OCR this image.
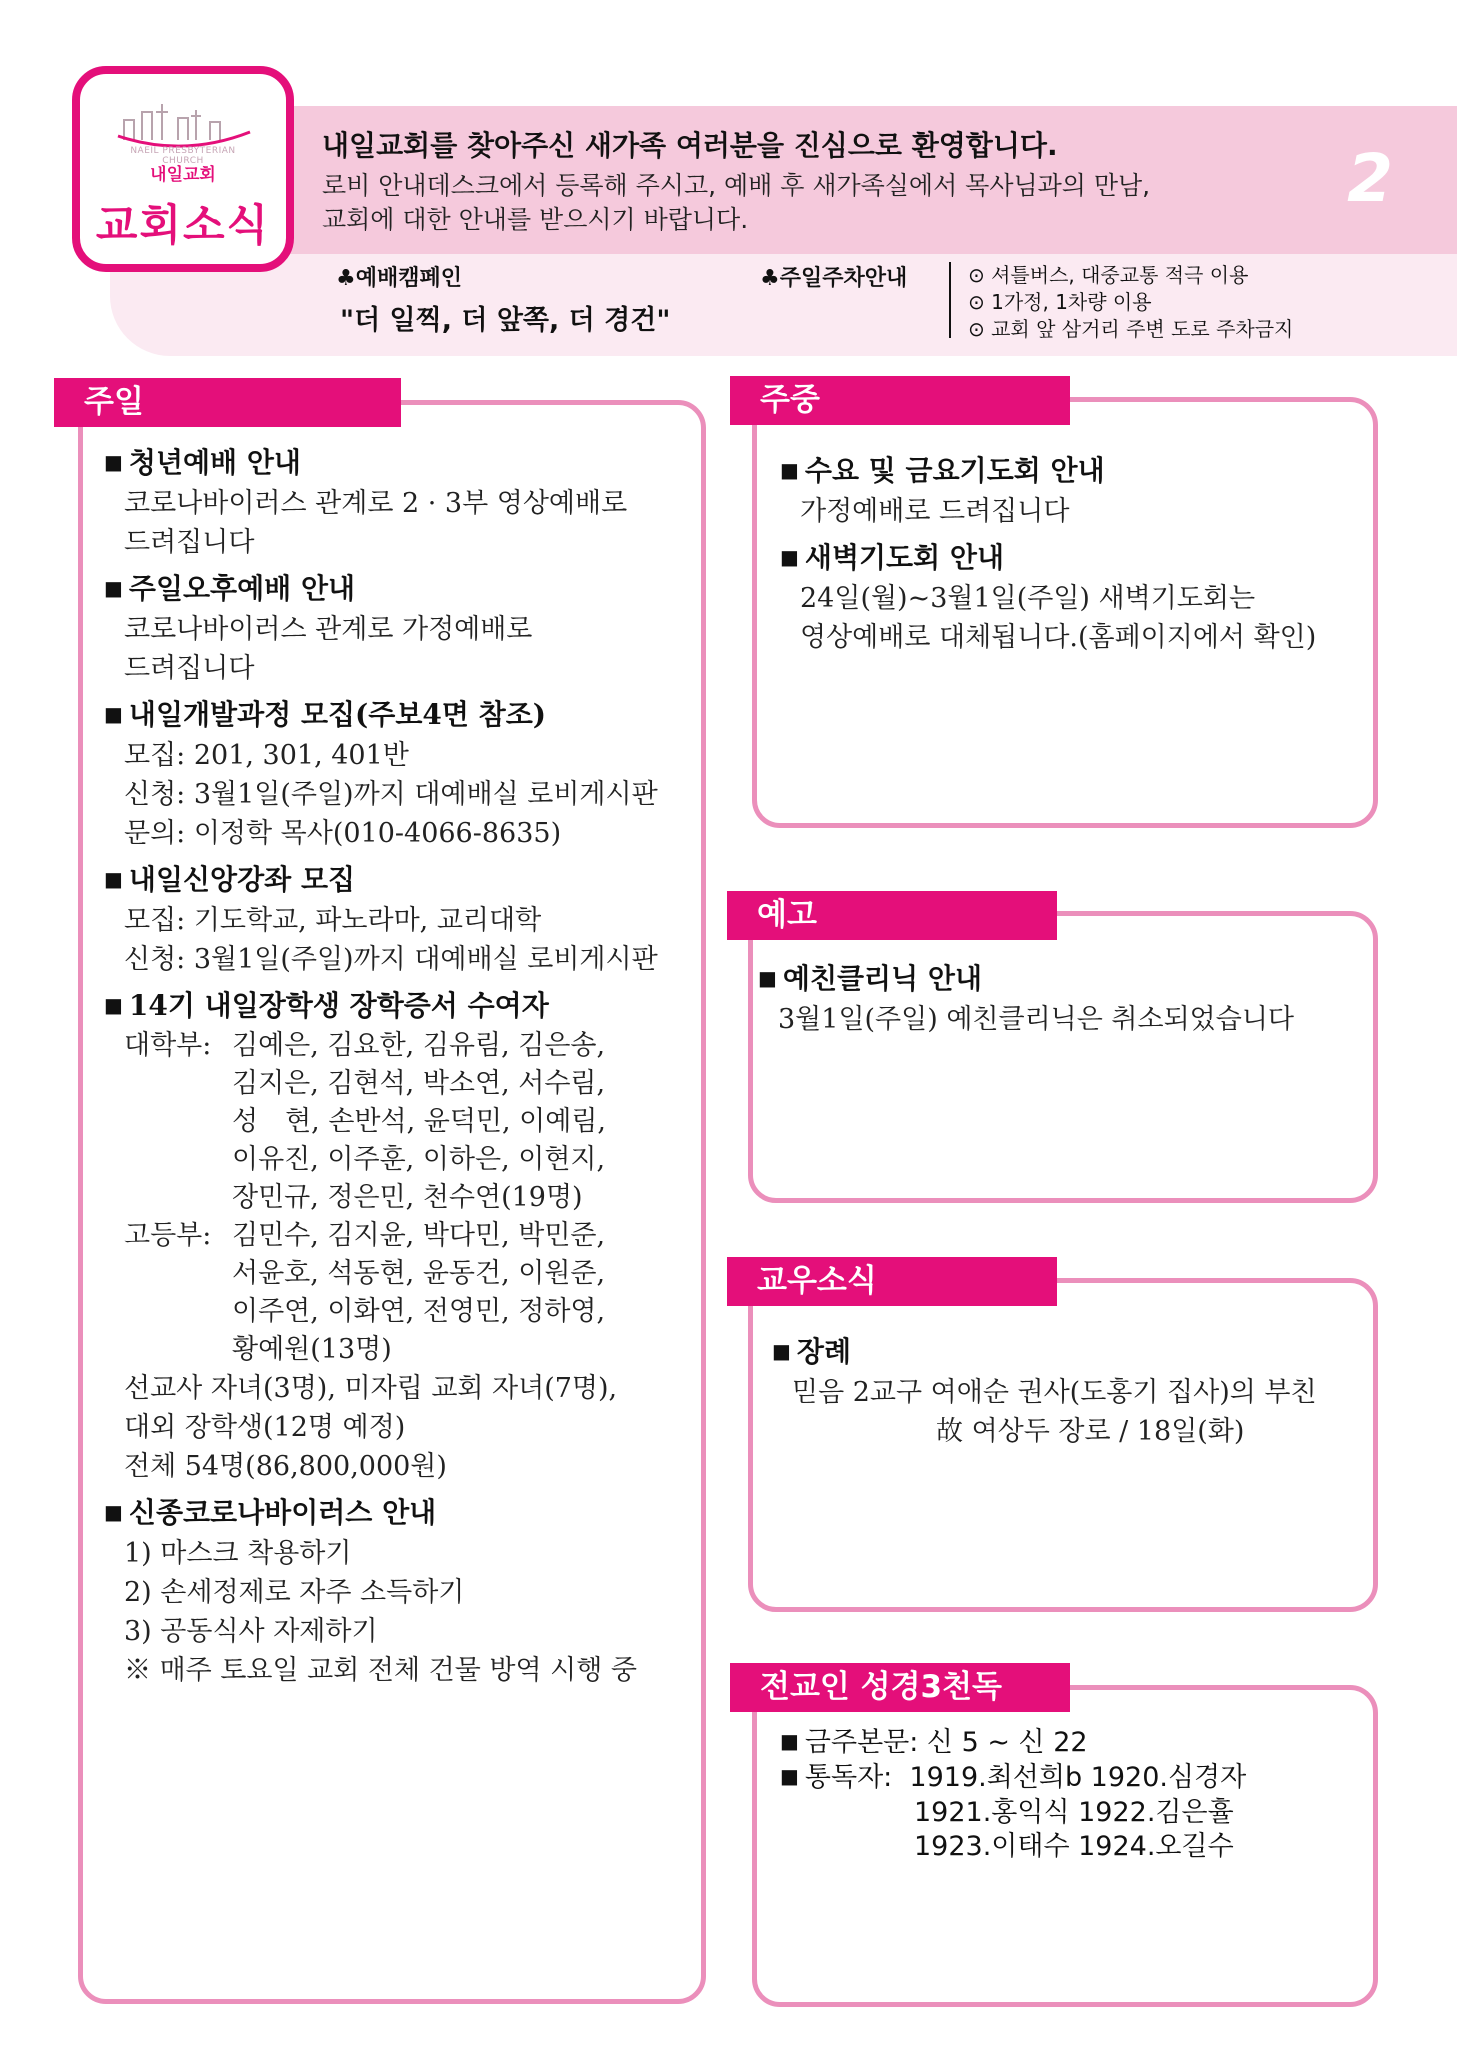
NAEIL PRESBYTERIAN CHURCH
내일교회
교회소식
내일교회를 찾아주신 새가족 여러분을 진심으로 환영합니다.
로비 안내데스크에서 등록해 주시고, 예배 후 새가족실에서 목사님과의 만남,
교회에 대한 안내를 받으시기 바랍니다.
2
♣예배캠페인
"더 일찍, 더 앞쪽, 더 경건"
♣주일주차안내	⊙ 셔틀버스, 대중교통 적극 이용
⊙ 1가정, 1차량 이용
⊙ 교회 앞 삼거리 주변 도로 주차금지
주일
■ 청년예배 안내
코로나바이러스 관계로 2 · 3부 영상예배로
드려집니다
■ 주일오후예배 안내
코로나바이러스 관계로 가정예배로
드려집니다
■ 내일개발과정 모집(주보4면 참조)
모집: 201, 301, 401반
신청: 3월1일(주일)까지 대예배실 로비게시판
문의: 이정학 목사(010-4066-8635)
■ 내일신앙강좌 모집
모집: 기도학교, 파노라마, 교리대학
신청: 3월1일(주일)까지 대예배실 로비게시판
■ 14기 내일장학생 장학증서 수여자
대학부: 김예은, 김요한, 김유림, 김은송,
김지은, 김현석, 박소연, 서수림,
성　현, 손반석, 윤덕민, 이예림,
이유진, 이주훈, 이하은, 이현지,
장민규, 정은민, 천수연(19명)
고등부: 김민수, 김지윤, 박다민, 박민준,
서윤호, 석동현, 윤동건, 이원준,
이주연, 이화연, 전영민, 정하영,
황예원(13명)
선교사 자녀(3명), 미자립 교회 자녀(7명),
대외 장학생(12명 예정)
전체 54명(86,800,000원)
■ 신종코로나바이러스 안내
1) 마스크 착용하기
2) 손세정제로 자주 소득하기
3) 공동식사 자제하기
※ 매주 토요일 교회 전체 건물 방역 시행 중
주중
■ 수요 및 금요기도회 안내
가정예배로 드려집니다
■ 새벽기도회 안내
24일(월)~3월1일(주일) 새벽기도회는
영상예배로 대체됩니다.(홈페이지에서 확인)
예고
■ 예친클리닉 안내
3월1일(주일) 예친클리닉은 취소되었습니다
교우소식
■ 장례
믿음 2교구 여애순 권사(도홍기 집사)의 부친
故 여상두 장로 / 18일(화)
전교인 성경3천독
■ 금주본문: 신 5 ~ 신 22
■ 통독자: 1919.최선희b 1920.심경자
1921.홍익식 1922.김은휼
1923.이태수 1924.오길수
